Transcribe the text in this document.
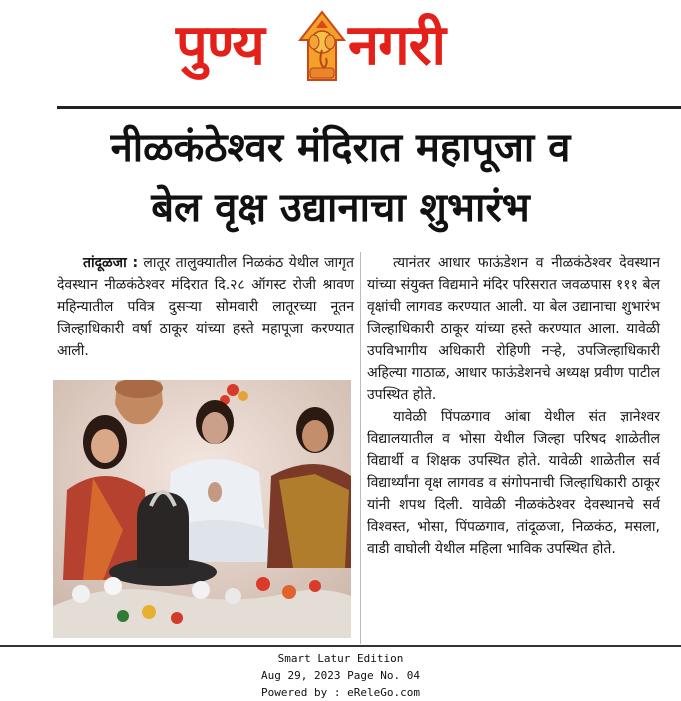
पुण्य नगरी
नीळकंठेश्वर मंदिरात महापूजा व
बेल वृक्ष उद्यानाचा शुभारंभ

तांदूळजा : लातूर तालुक्यातील निळकंठ येथील जागृत देवस्थान नीळकंठेश्वर मंदिरात दि.२८ ऑगस्ट रोजी श्रावण महिन्यातील पवित्र दुसऱ्या सोमवारी लातूरच्या नूतन जिल्हाधिकारी वर्षा ठाकूर यांच्या हस्ते महापूजा करण्यात आली.

त्यानंतर आधार फाऊंडेशन व नीळकंठेश्वर देवस्थान यांच्या संयुक्त विद्यमाने मंदिर परिसरात जवळपास १११ बेल वृक्षांची लागवड करण्यात आली. या बेल उद्यानाचा शुभारंभ जिल्हाधिकारी ठाकूर यांच्या हस्ते करण्यात आला. यावेळी उपविभागीय अधिकारी रोहिणी नऱ्हे, उपजिल्हाधिकारी अहिल्या गाठाळ, आधार फाऊंडेशनचे अध्यक्ष प्रवीण पाटील उपस्थित होते.

यावेळी पिंपळगाव आंबा येथील संत ज्ञानेश्वर विद्यालयातील व भोसा येथील जिल्हा परिषद शाळेतील विद्यार्थी व शिक्षक उपस्थित होते. यावेळी शाळेतील सर्व विद्यार्थ्यांना वृक्ष लागवड व संगोपनाची जिल्हाधिकारी ठाकूर यांनी शपथ दिली. यावेळी नीळकंठेश्वर देवस्थानचे सर्व विश्वस्त, भोसा, पिंपळगाव, तांदूळजा, निळकंठ, मसला, वाडी वाघोली येथील महिला भाविक उपस्थित होते.

Smart Latur Edition
Aug 29, 2023 Page No. 04
Powered by : eReleGo.com
